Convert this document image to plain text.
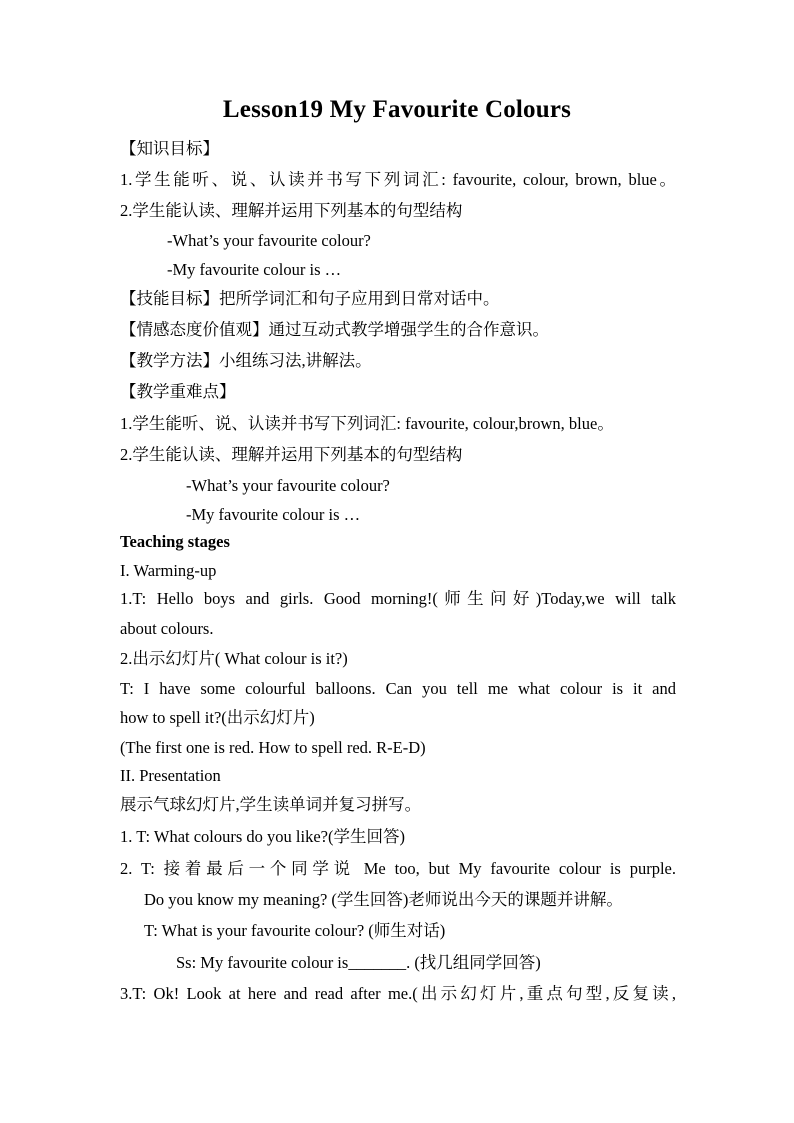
Lesson19 My Favourite Colours
【知识目标】
1.学生能听、说、认读并书写下列词汇: favourite, colour, brown, blue。
2.学生能认读、理解并运用下列基本的句型结构
-What’s your favourite colour?
-My favourite colour is …
【技能目标】把所学词汇和句子应用到日常对话中。
【情感态度价值观】通过互动式教学增强学生的合作意识。
【教学方法】小组练习法,讲解法。
【教学重难点】
1.学生能听、说、认读并书写下列词汇: favourite, colour,brown, blue。
2.学生能认读、理解并运用下列基本的句型结构
-What’s your favourite colour?
-My favourite colour is …
Teaching stages
I. Warming-up
1.T: Hello boys and girls. Good morning!(师生问好)Today,we will talk
about colours.
2.出示幻灯片( What colour is it?)
T: I have some colourful balloons. Can you tell me what colour is it and
how to spell it?(出示幻灯片)
(The first one is red. How to spell red. R-E-D)
II. Presentation
展示气球幻灯片,学生读单词并复习拼写。
1. T: What colours do you like?(学生回答)
2. T: 接着最后一个同学说 Me too, but My favourite colour is purple.
Do you know my meaning? (学生回答)老师说出今天的课题并讲解。
T: What is your favourite colour? (师生对话)
Ss: My favourite colour is_______. (找几组同学回答)
3.T: Ok! Look at here and read after me.(出示幻灯片,重点句型,反复读,
